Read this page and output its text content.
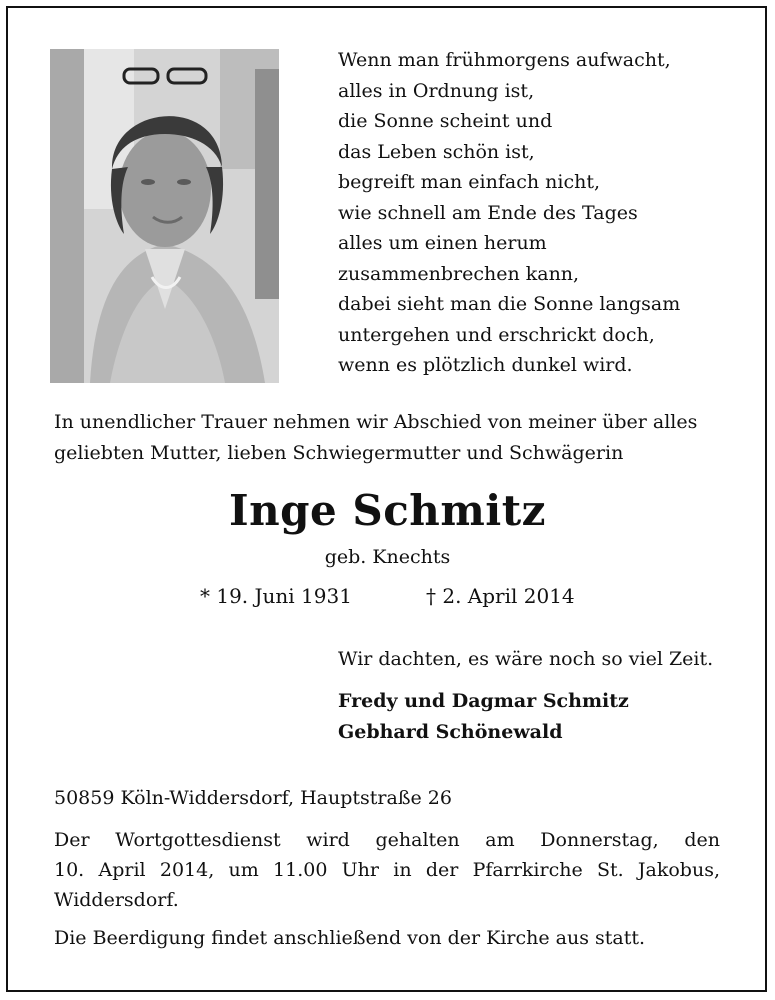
Wenn man frühmorgens aufwacht,
alles in Ordnung ist,
die Sonne scheint und
das Leben schön ist,
begreift man einfach nicht,
wie schnell am Ende des Tages
alles um einen herum
zusammenbrechen kann,
dabei sieht man die Sonne langsam
untergehen und erschrickt doch,
wenn es plötzlich dunkel wird.
In unendlicher Trauer nehmen wir Abschied von meiner über alles
geliebten Mutter, lieben Schwiegermutter und Schwägerin
Inge Schmitz
geb. Knechts
* 19. Juni 1931	† 2. April 2014
Wir dachten, es wäre noch so viel Zeit.
Fredy und Dagmar Schmitz
Gebhard Schönewald
50859 Köln-Widdersdorf, Hauptstraße 26
Der Wortgottesdienst wird gehalten am Donnerstag, den
10. April 2014, um 11.00 Uhr in der Pfarrkirche St. Jakobus,
Widdersdorf.
Die Beerdigung findet anschließend von der Kirche aus statt.
